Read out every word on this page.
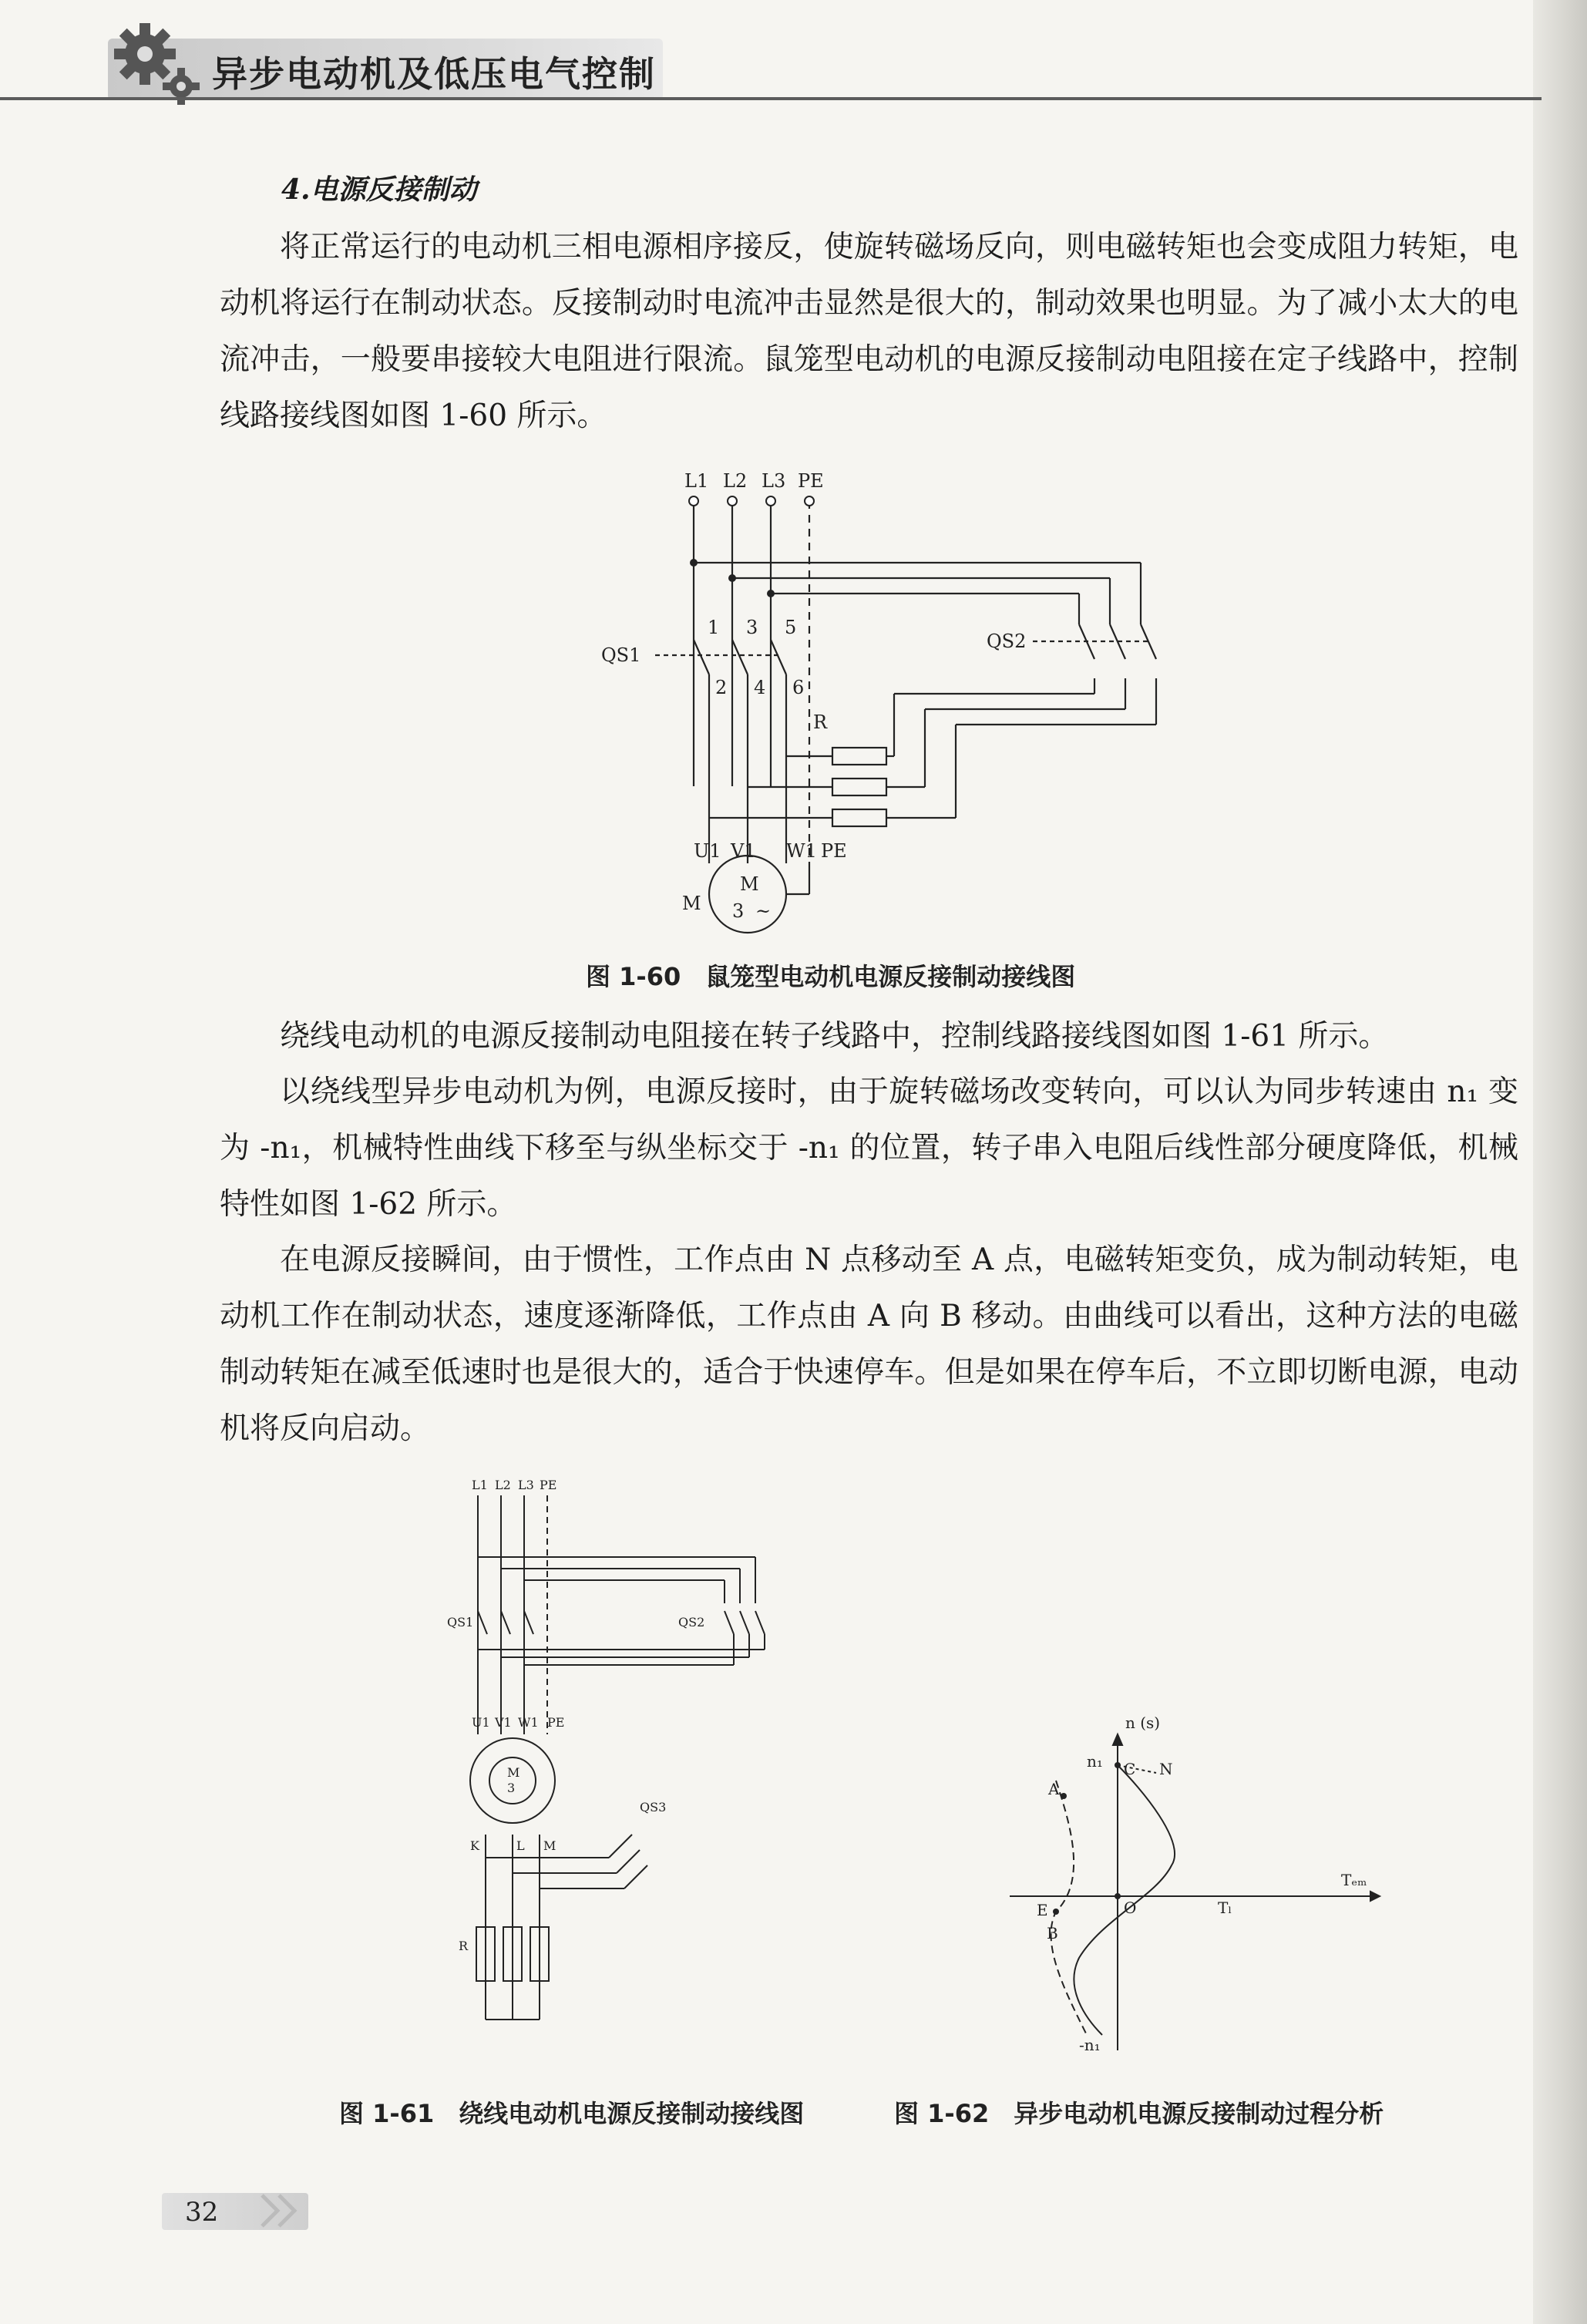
异步电动机及低压电气控制
4.电源反接制动
将正常运行的电动机三相电源相序接反，使旋转磁场反向，则电磁转矩也会变成阻力转矩，电动机将运行在制动状态。反接制动时电流冲击显然是很大的，制动效果也明显。为了减小太大的电流冲击，一般要串接较大电阻进行限流。鼠笼型电动机的电源反接制动电阻接在定子线路中，控制线路接线图如图 1-60 所示。
L1 L2 L3 PE
QS1
QS2
R
1 3 5
2 4 6
U1 V1 W1 PE
M
M
3 ~
图 1-60　鼠笼型电动机电源反接制动接线图
绕线电动机的电源反接制动电阻接在转子线路中，控制线路接线图如图 1-61 所示。
以绕线型异步电动机为例，电源反接时，由于旋转磁场改变转向，可以认为同步转速由 n₁ 变为 -n₁，机械特性曲线下移至与纵坐标交于 -n₁ 的位置，转子串入电阻后线性部分硬度降低，机械特性如图 1-62 所示。
在电源反接瞬间，由于惯性，工作点由 N 点移动至 A 点，电磁转矩变负，成为制动转矩，电动机工作在制动状态，速度逐渐降低，工作点由 A 向 B 移动。由曲线可以看出，这种方法的电磁制动转矩在减至低速时也是很大的，适合于快速停车。但是如果在停车后，不立即切断电源，电动机将反向启动。
L1 L2 L3 PE
QS1	QS2
QS3
U1 V1 W1 PE
M
3
K	L M
R
n (s)
n₁ C N
A
E
B
O	Tₗ
Tₑₘ
-n₁
图 1-61　绕线电动机电源反接制动接线图	图 1-62　异步电动机电源反接制动过程分析
32
